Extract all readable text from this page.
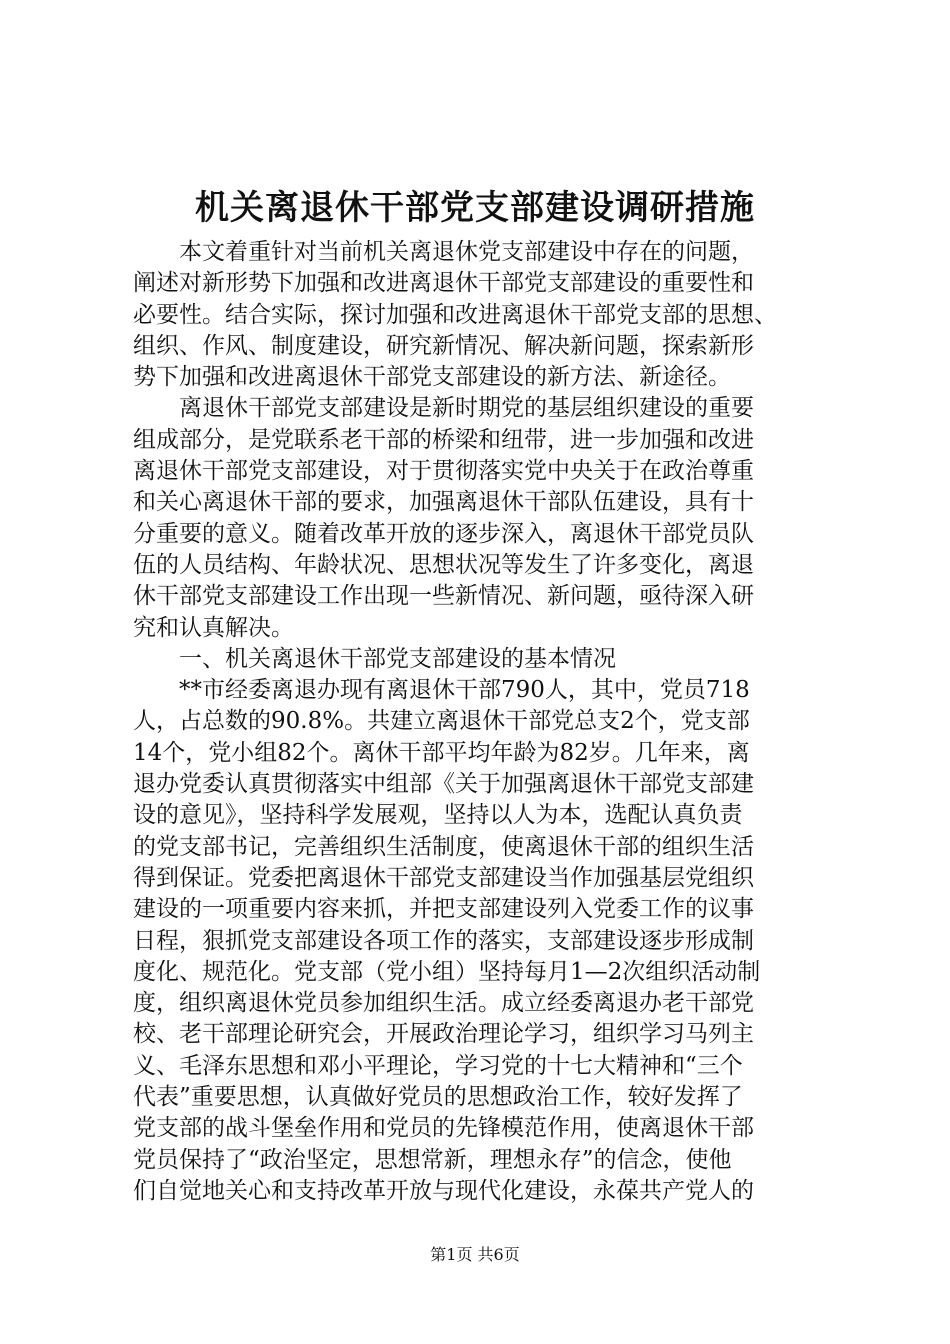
机关离退休干部党支部建设调研措施
　　本文着重针对当前机关离退休党支部建设中存在的问题，
阐述对新形势下加强和改进离退休干部党支部建设的重要性和
必要性。结合实际，探讨加强和改进离退休干部党支部的思想、
组织、作风、制度建设，研究新情况、解决新问题，探索新形
势下加强和改进离退休干部党支部建设的新方法、新途径。
　　离退休干部党支部建设是新时期党的基层组织建设的重要
组成部分，是党联系老干部的桥梁和纽带，进一步加强和改进
离退休干部党支部建设，对于贯彻落实党中央关于在政治尊重
和关心离退休干部的要求，加强离退休干部队伍建设，具有十
分重要的意义。随着改革开放的逐步深入，离退休干部党员队
伍的人员结构、年龄状况、思想状况等发生了许多变化，离退
休干部党支部建设工作出现一些新情况、新问题，亟待深入研
究和认真解决。
　　一、机关离退休干部党支部建设的基本情况
　　**市经委离退办现有离退休干部790人，其中，党员718
人，占总数的90.8%。共建立离退休干部党总支2个，党支部
14个，党小组82个。离休干部平均年龄为82岁。几年来，离
退办党委认真贯彻落实中组部《关于加强离退休干部党支部建
设的意见》，坚持科学发展观，坚持以人为本，选配认真负责
的党支部书记，完善组织生活制度，使离退休干部的组织生活
得到保证。党委把离退休干部党支部建设当作加强基层党组织
建设的一项重要内容来抓，并把支部建设列入党委工作的议事
日程，狠抓党支部建设各项工作的落实，支部建设逐步形成制
度化、规范化。党支部（党小组）坚持每月1—2次组织活动制
度，组织离退休党员参加组织生活。成立经委离退办老干部党
校、老干部理论研究会，开展政治理论学习，组织学习马列主
义、毛泽东思想和邓小平理论，学习党的十七大精神和“三个
代表”重要思想，认真做好党员的思想政治工作，较好发挥了
党支部的战斗堡垒作用和党员的先锋模范作用，使离退休干部
党员保持了“政治坚定，思想常新，理想永存”的信念，使他
们自觉地关心和支持改革开放与现代化建设，永葆共产党人的
第1页 共6页
